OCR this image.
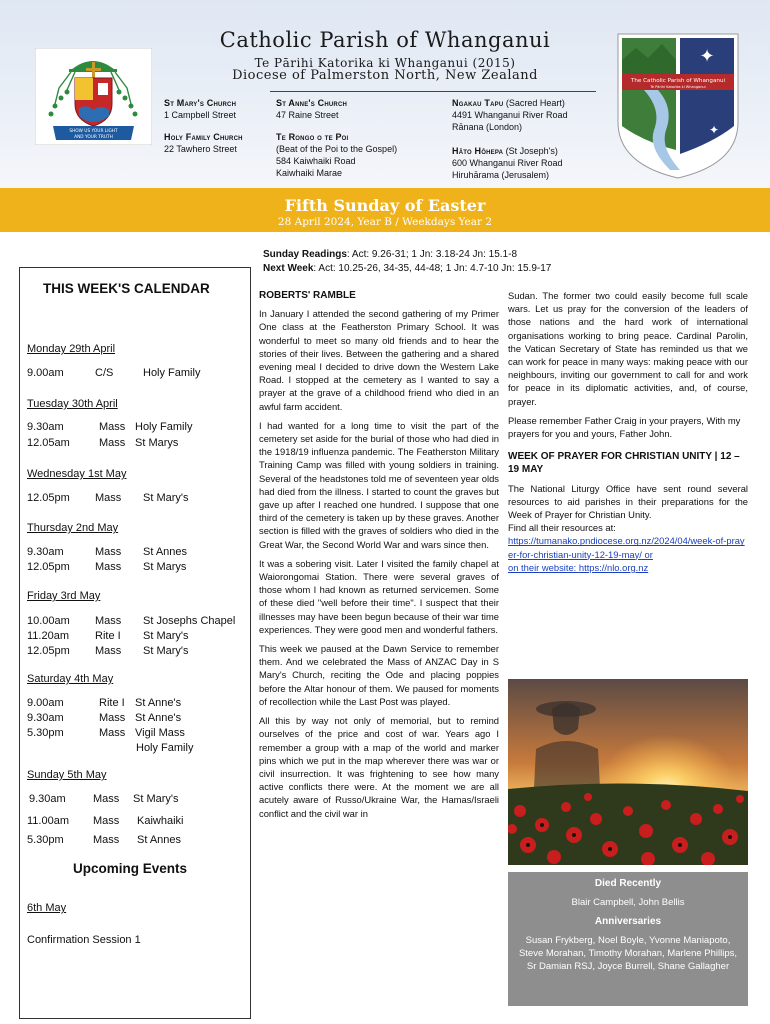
SHOW US YOUR LIGHT
AND YOUR TRUTH
Catholic Parish of Whanganui
Te Pārihi Katorika ki Whanganui (2015)
Diocese of Palmerston North, New Zealand
St Mary's Church
1 Campbell Street
Holy Family Church
22 Tawhero Street
St Anne's Church
47 Raine Street
Te Rongo o te Poi
(Beat of the Poi to the Gospel)
584 Kaiwhaiki Road
Kaiwhaiki Marae
Ngakau Tapu (Sacred Heart)
4491 Whanganui River Road
Rānana (London)
Hāto Hōhepa (St Joseph's)
600 Whanganui River Road
Hiruhārama (Jerusalem)
✦
The Catholic Parish of Whanganui
Te Pārihi Katorika ki Whanganui
✦
Fifth Sunday of Easter
28 April 2024, Year B / Weekdays Year 2
Sunday Readings: Act: 9.26-31; 1 Jn: 3.18-24 Jn: 15.1-8
Next Week: Act: 10.25-26, 34-35, 44-48; 1 Jn: 4.7-10 Jn: 15.9-17
THIS WEEK'S CALENDAR
Monday 29th April
9.00am	C/S	Holy Family
Tuesday 30th April
9.30am	Mass Holy Family
12.05am	Mass St Marys
Wednesday 1st May
12.05pm Mass St Mary's
Thursday 2nd May
9.30am	Mass St Annes
12.05pm Mass St Marys
Friday 3rd May
10.00am Mass St Josephs Chapel
11.20am Rite I St Mary's
12.05pm Mass St Mary's
Saturday 4th May
9.00am	Rite I St Anne's
9.30am	Mass St Anne's
5.30pm	Mass Vigil Mass
Holy Family
Sunday 5th May
9.30am Mass St Mary's
11.00am Mass Kaiwhaiki
5.30pm	Mass St Annes
Upcoming Events
6th May
Confirmation Session 1
ROBERTS' RAMBLE

In January I attended the second gathering of my Primer One class at the Featherston Primary School. It was wonderful to meet so many old friends and to hear the stories of their lives. Between the gathering and a shared evening meal I decided to drive down the Western Lake Road. I stopped at the cemetery as I wanted to say a prayer at the grave of a childhood friend who died in an awful farm accident.

I had wanted for a long time to visit the part of the cemetery set aside for the burial of those who had died in the 1918/19 influenza pandemic. The Featherston Military Training Camp was filled with young soldiers in training. Several of the headstones told me of seventeen year olds had died from the illness. I started to count the graves but gave up after I reached one hundred. I suppose that one third of the cemetery is taken up by these graves. Another section is filled with the graves of soldiers who died in the Great War, the Second World War and wars since then.

It was a sobering visit. Later I visited the family chapel at Waiorongomai Station. There were several graves of those whom I had known as returned servicemen. Some of these died "well before their time". I suspect that their illnesses may have been begun because of their war time experiences. They were good men and wonderful fathers.

This week we paused at the Dawn Service to remember them. And we celebrated the Mass of ANZAC Day in S Mary's Church, reciting the Ode and placing poppies before the Altar honour of them. We paused for moments of recollection while the Last Post was played.

All this by way not only of memorial, but to remind ourselves of the price and cost of war. Years ago I remember a group with a map of the world and marker pins which we put in the map wherever there was war or civil insurrection. It was frightening to see how many active conflicts there were. At the moment we are all acutely aware of Russo/Ukraine War, the Hamas/Israeli conflict and the civil war in

Sudan. The former two could easily become full scale wars. Let us pray for the conversion of the leaders of those nations and the hard work of international organisations working to bring peace. Cardinal Parolin, the Vatican Secretary of State has reminded us that we can work for peace in many ways: making peace with our neighbours, inviting our government to call for and work for peace in its diplomatic activities, and, of course, prayer.

Please remember Father Craig in your prayers, With my prayers for you and yours, Father John.

WEEK OF PRAYER FOR CHRISTIAN UNITY | 12 – 19 MAY

The National Liturgy Office have sent round several resources to aid parishes in their preparations for the Week of Prayer for Christian Unity.

Find all their resources at:
https://tumanako.pndiocese.org.nz/2024/04/week-of-prayer-for-christian-unity-12-19-may/ or
on their website: https://nlo.org.nz
Died Recently
Blair Campbell, John Bellis
Anniversaries
Susan Frykberg, Noel Boyle, Yvonne Maniapoto, Steve Morahan, Timothy Morahan, Marlene Phillips, Sr Damian RSJ, Joyce Burrell, Shane Gallagher
